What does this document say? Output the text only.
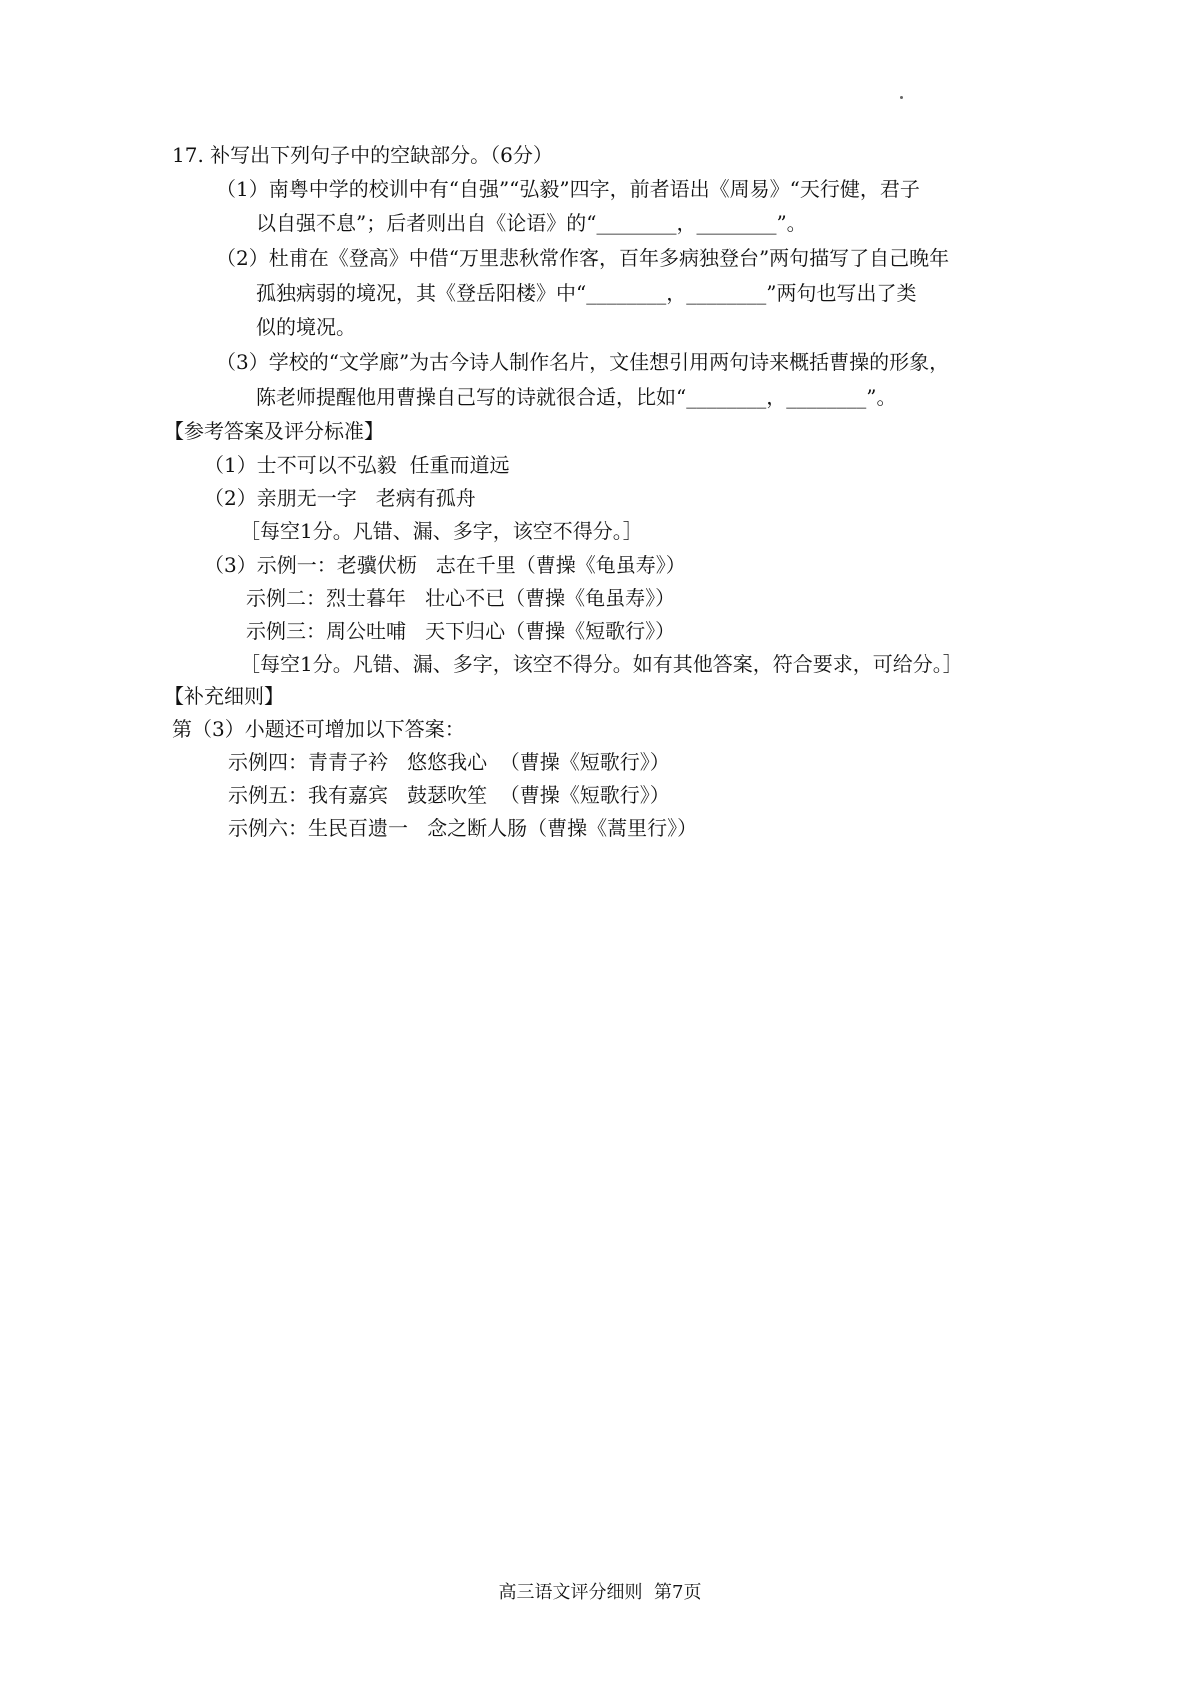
17. 补写出下列句子中的空缺部分。（6分）
（1）南粤中学的校训中有“自强”“弘毅”四字，前者语出《周易》“天行健，君子
以自强不息”；后者则出自《论语》的“________，________”。
（2）杜甫在《登高》中借“万里悲秋常作客，百年多病独登台”两句描写了自己晚年
孤独病弱的境况，其《登岳阳楼》中“________，________”两句也写出了类
似的境况。
（3）学校的“文学廊”为古今诗人制作名片，文佳想引用两句诗来概括曹操的形象，
陈老师提醒他用曹操自己写的诗就很合适，比如“________，________”。
【参考答案及评分标准】
（1）士不可以不弘毅  任重而道远
（2）亲朋无一字   老病有孤舟
［每空1分。凡错、漏、多字，该空不得分。］
（3）示例一：老骥伏枥   志在千里（曹操《龟虽寿》）
示例二：烈士暮年   壮心不已（曹操《龟虽寿》）
示例三：周公吐哺   天下归心（曹操《短歌行》）
［每空1分。凡错、漏、多字，该空不得分。如有其他答案，符合要求，可给分。］
【补充细则】
第（3）小题还可增加以下答案：
示例四：青青子衿   悠悠我心  （曹操《短歌行》）
示例五：我有嘉宾   鼓瑟吹笙  （曹操《短歌行》）
示例六：生民百遗一   念之断人肠（曹操《蒿里行》）
高三语文评分细则  第7页
